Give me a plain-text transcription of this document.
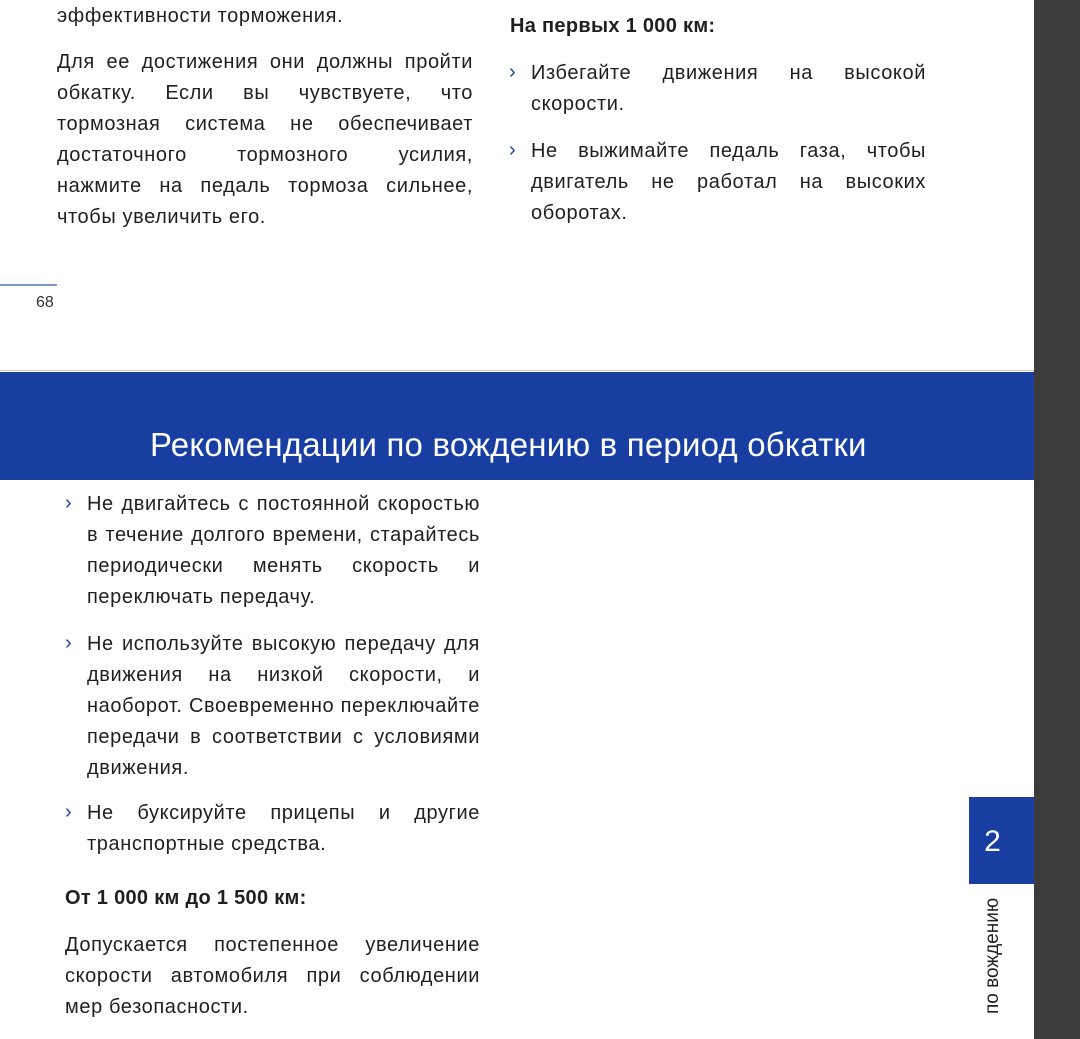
эффективности торможения.
Для ее достижения они должны пройти обкатку. Если вы чувствуете, что тормозная система не обеспечивает достаточного тормозного усилия, нажмите на педаль тормоза сильнее, чтобы увеличить его.
На первых 1 000 км:
› Избегайте движения на высокой скорости.
› Не выжимайте педаль газа, чтобы двигатель не работал на высоких оборотах.
68
Рекомендации по вождению в период обкатки
› Не двигайтесь с постоянной скоростью в течение долгого времени, старайтесь периодически менять скорость и переключать передачу.
› Не используйте высокую передачу для движения на низкой скорости, и наоборот. Своевременно переключайте передачи в соответствии с условиями движения.
› Не буксируйте прицепы и другие транспортные средства.
От 1 000 км до 1 500 км:
Допускается постепенное увеличение скорости автомобиля при соблюдении мер безопасности.
2
по вождению
